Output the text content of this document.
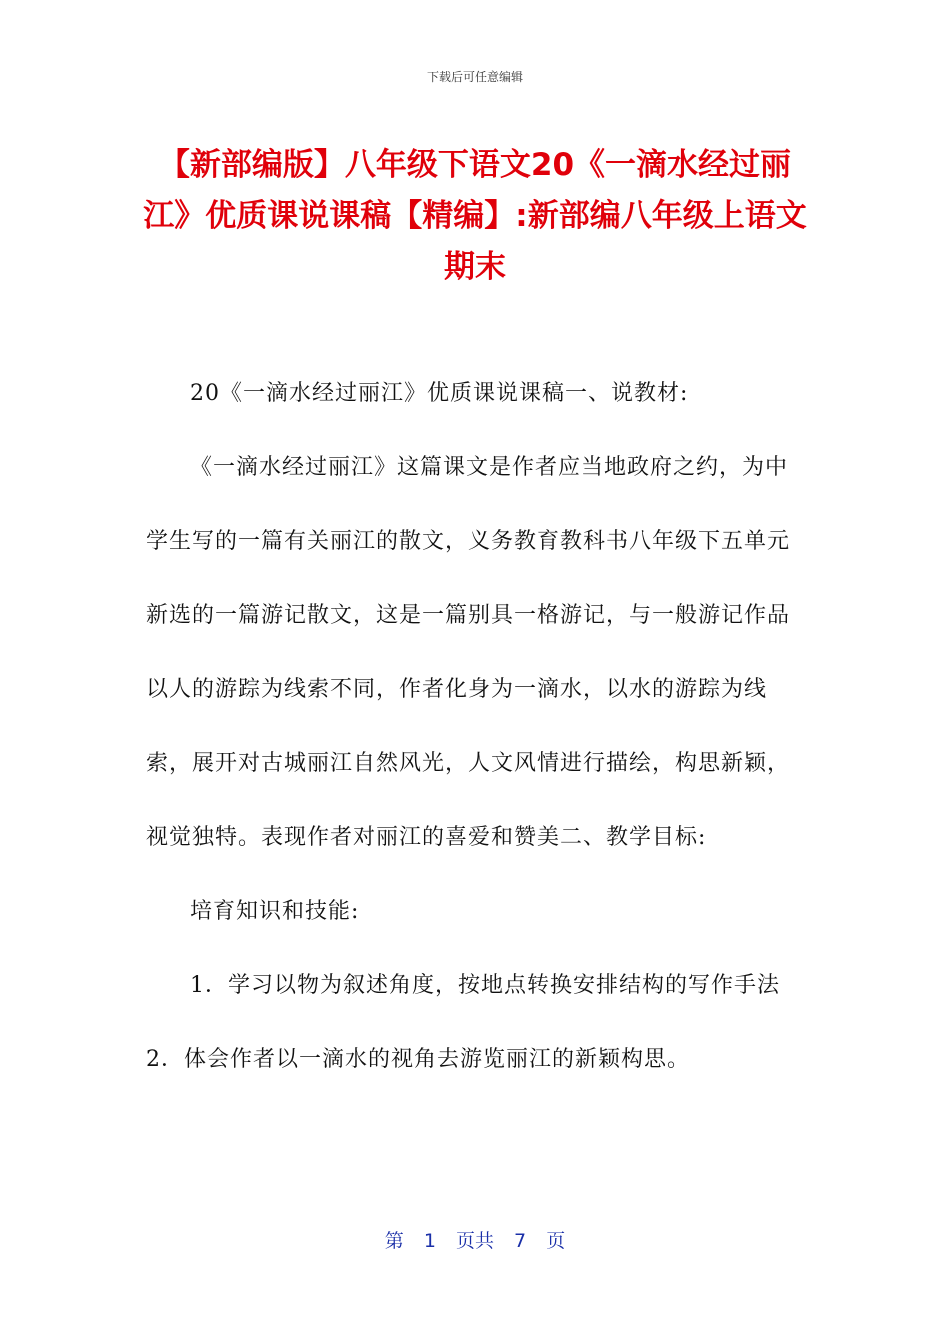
下载后可任意编辑
【新部编版】八年级下语文20《一滴水经过丽江》优质课说课稿【精编】:新部编八年级上语文期末

20《一滴水经过丽江》优质课说课稿一、说教材:

《一滴水经过丽江》这篇课文是作者应当地政府之约，为中学生写的一篇有关丽江的散文，义务教育教科书八年级下五单元新选的一篇游记散文，这是一篇别具一格游记，与一般游记作品以人的游踪为线索不同，作者化身为一滴水，以水的游踪为线索，展开对古城丽江自然风光，人文风情进行描绘，构思新颖，视觉独特。表现作者对丽江的喜爱和赞美二、教学目标:

培育知识和技能:

1．学习以物为叙述角度，按地点转换安排结构的写作手法

2．体会作者以一滴水的视角去游览丽江的新颖构思。

第 1 页共 7 页
